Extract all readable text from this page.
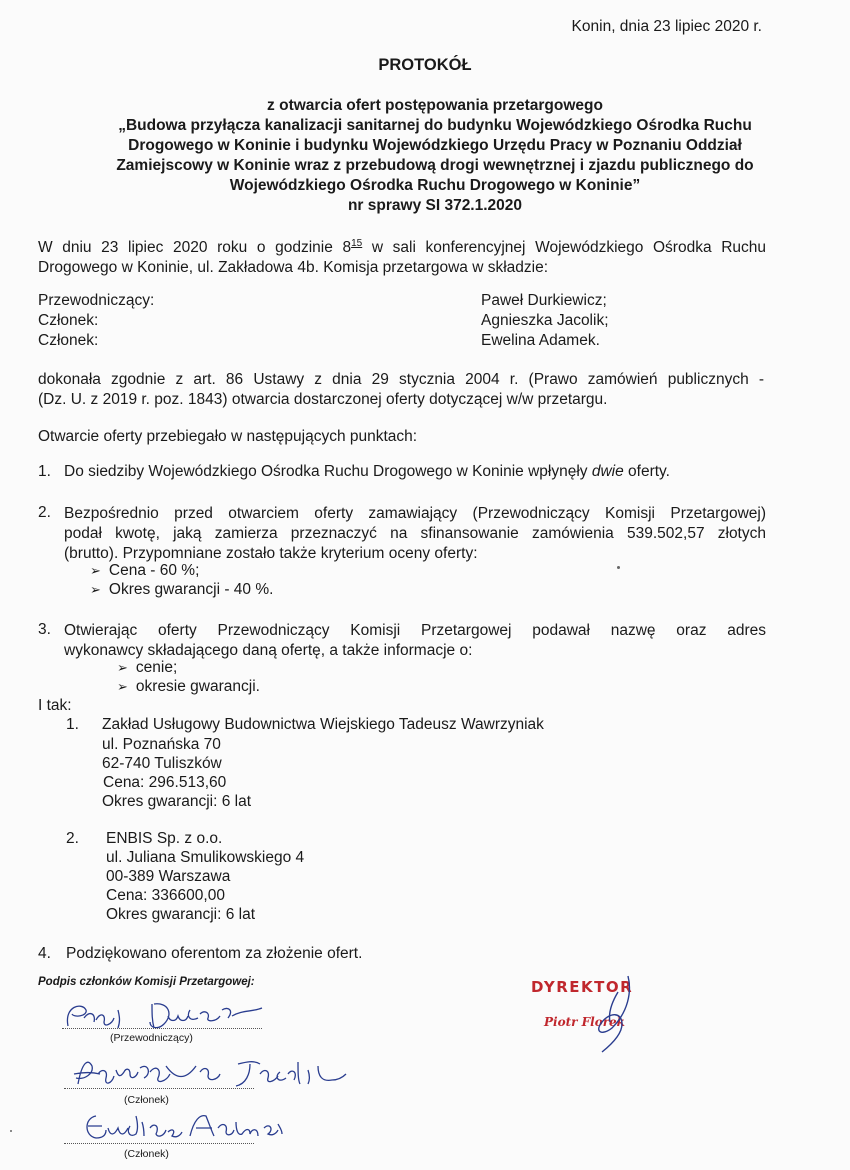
Konin, dnia 23 lipiec 2020 r.
PROTOKÓŁ
z otwarcia ofert postępowania przetargowego
„Budowa przyłącza kanalizacji sanitarnej do budynku Wojewódzkiego Ośrodka Ruchu
Drogowego w Koninie i budynku Wojewódzkiego Urzędu Pracy w Poznaniu Oddział
Zamiejscowy w Koninie wraz z przebudową drogi wewnętrznej i zjazdu publicznego do
Wojewódzkiego Ośrodka Ruchu Drogowego w Koninie”
nr sprawy SI 372.1.2020
W dniu 23 lipiec 2020 roku o godzinie $8^{15}$ w sali konferencyjnej Wojewódzkiego Ośrodka Ruchu
Drogowego w Koninie, ul. Zakładowa 4b. Komisja przetargowa w składzie:
Przewodniczący:	Paweł Durkiewicz;
Członek:	Agnieszka Jacolik;
Członek:	Ewelina Adamek.
dokonała zgodnie z art. 86 Ustawy z dnia 29 stycznia 2004 r. (Prawo zamówień publicznych -
(Dz. U. z 2019 r. poz. 1843) otwarcia dostarczonej oferty dotyczącej w/w przetargu.
Otwarcie oferty przebiegało w następujących punktach:
1. Do siedziby Wojewódzkiego Ośrodka Ruchu Drogowego w Koninie wpłynęły dwie oferty.
2. Bezpośrednio przed otwarciem oferty zamawiający (Przewodniczący Komisji Przetargowej)
podał kwotę, jaką zamierza przeznaczyć na sfinansowanie zamówienia 539.502,57 złotych
(brutto). Przypomniane zostało także kryterium oceny oferty:
➢ Cena - 60 %;
➢ Okres gwarancji - 40 %.
3. Otwierając oferty Przewodniczący Komisji Przetargowej podawał nazwę oraz adres
wykonawcy składającego daną ofertę, a także informacje o:
➢ cenie;
➢ okresie gwarancji.
I tak:
1. Zakład Usługowy Budownictwa Wiejskiego Tadeusz Wawrzyniak
ul. Poznańska 70
62-740 Tuliszków
Cena: 296.513,60
Okres gwarancji: 6 lat
2. ENBIS Sp. z o.o.
ul. Juliana Smulikowskiego 4
00-389 Warszawa
Cena: 336600,00
Okres gwarancji: 6 lat
4. Podziękowano oferentom za złożenie ofert.
Podpis członków Komisji Przetargowej:
(Przewodniczący)
(Członek)
(Członek)
DYREKTOR
Piotr Florek
